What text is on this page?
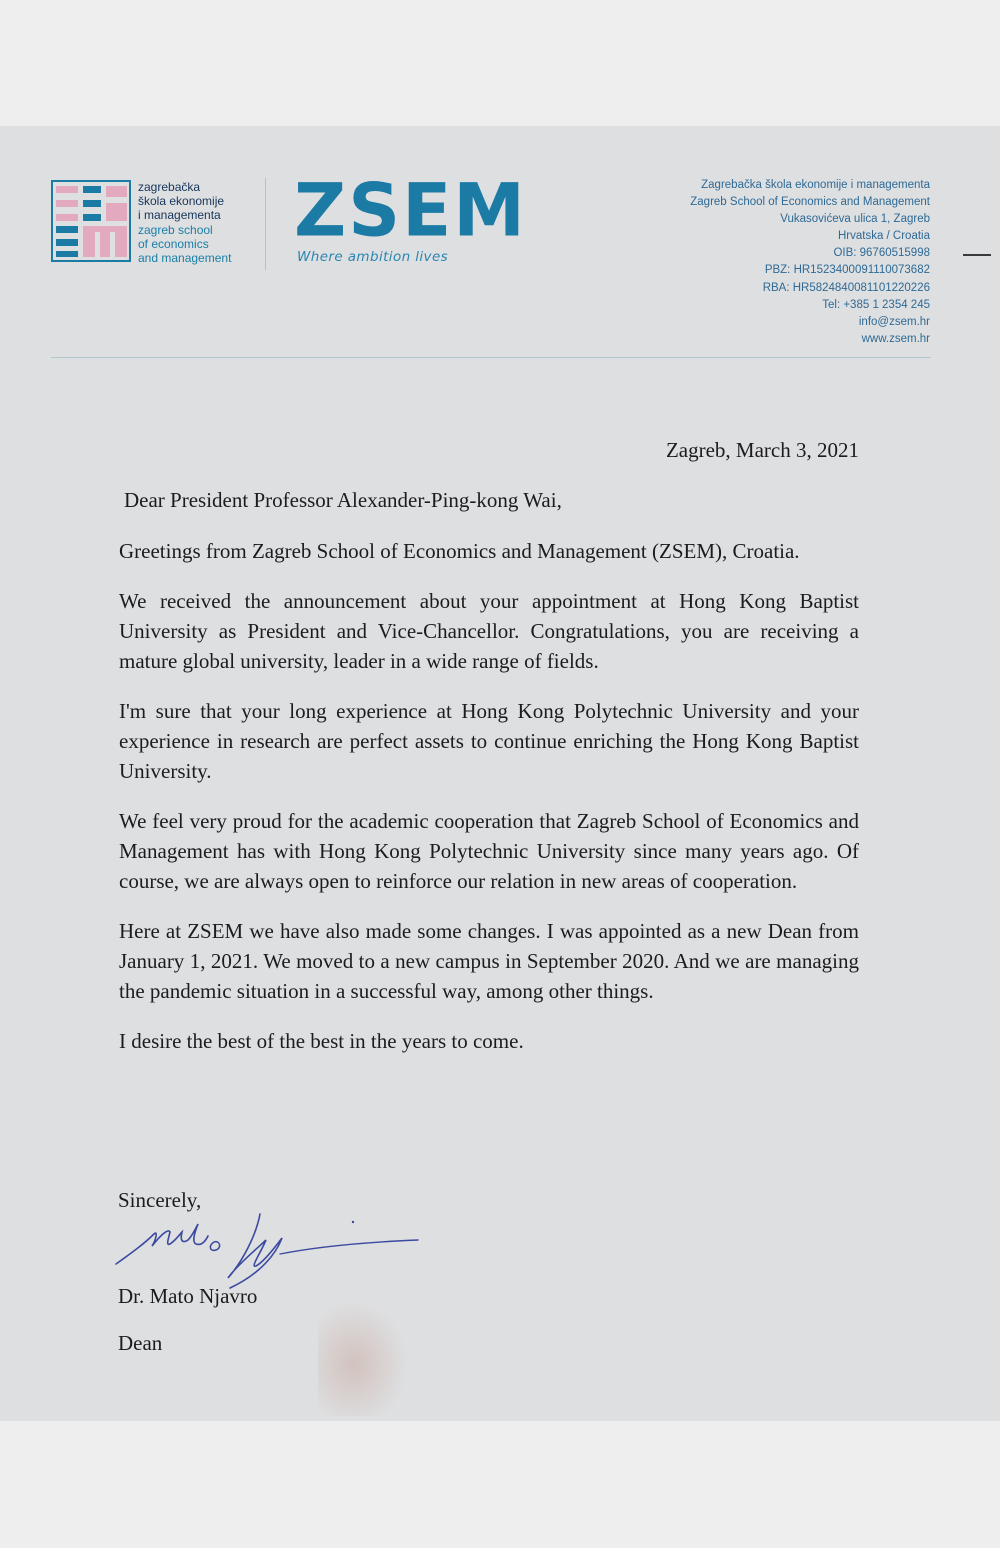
zagrebačka
škola ekonomije
i managementa
zagreb school
of economics
and management
ZSEM
Where ambition lives
Zagrebačka škola ekonomije i managementa
Zagreb School of Economics and Management
Vukasovićeva ulica 1, Zagreb
Hrvatska / Croatia
OIB: 96760515998
PBZ: HR1523400091110073682
RBA: HR5824840081101220226
Tel: +385 1 2354 245
info@zsem.hr
www.zsem.hr
Zagreb, March 3, 2021
Dear President Professor Alexander-Ping-kong Wai,

Greetings from Zagreb School of Economics and Management (ZSEM), Croatia.

We received the announcement about your appointment at Hong Kong Baptist University as President and Vice-Chancellor. Congratulations, you are receiving a mature global university, leader in a wide range of fields.

I'm sure that your long experience at Hong Kong Polytechnic University and your experience in research are perfect assets to continue enriching the Hong Kong Baptist University.

We feel very proud for the academic cooperation that Zagreb School of Economics and Management has with Hong Kong Polytechnic University since many years ago. Of course, we are always open to reinforce our relation in new areas of cooperation.

Here at ZSEM we have also made some changes. I was appointed as a new Dean from January 1, 2021. We moved to a new campus in September 2020. And we are managing the pandemic situation in a successful way, among other things.

I desire the best of the best in the years to come.

Sincerely,
Dr. Mato Njavro
Dean
